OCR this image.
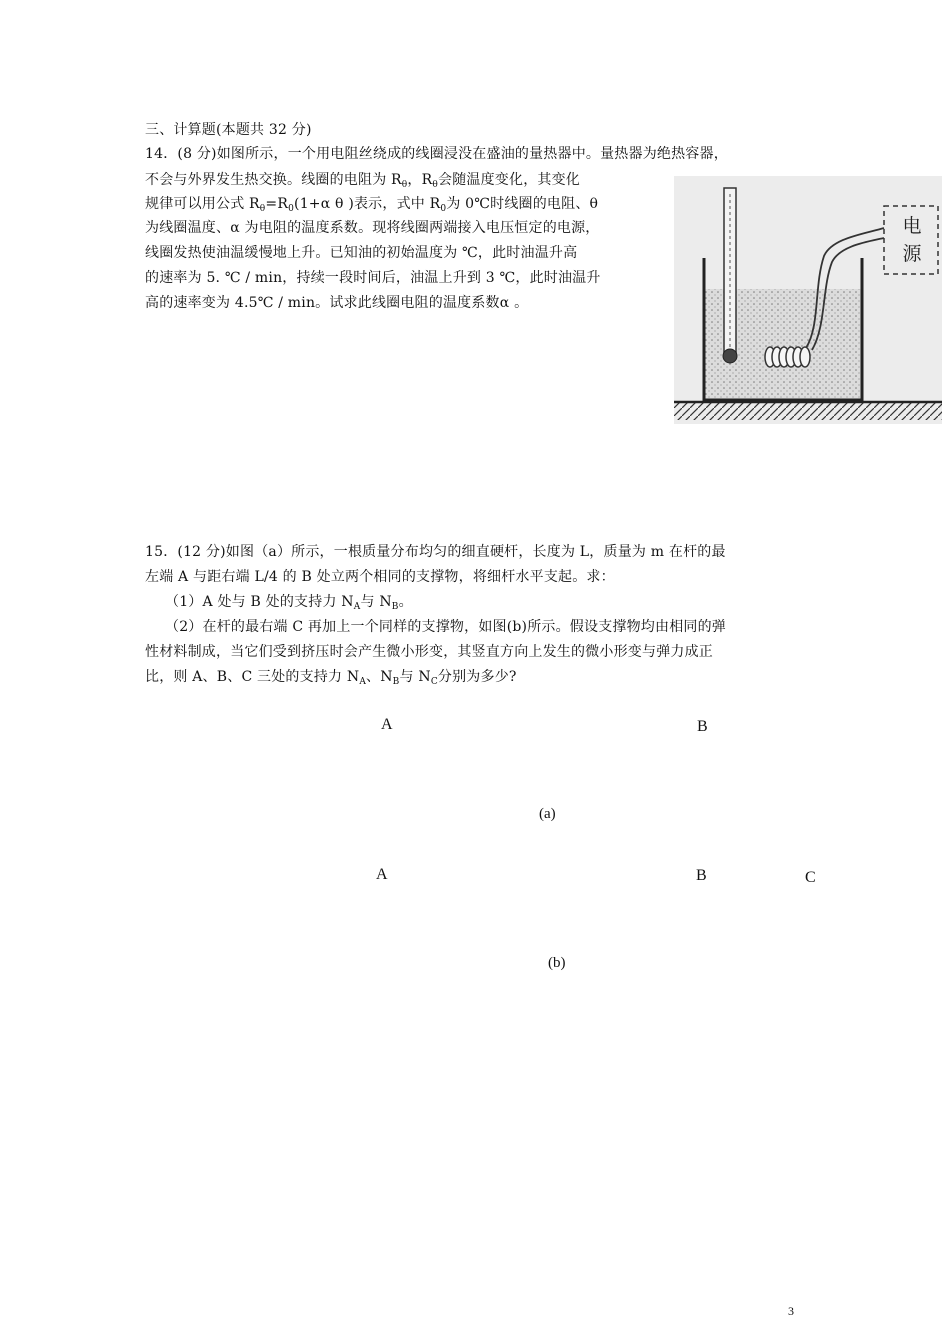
三、计算题(本题共 32 分)
14．(8 分)如图所示，一个用电阻丝绕成的线圈浸没在盛油的量热器中。量热器为绝热容器，
不会与外界发生热交换。线圈的电阻为 $R_\theta$，$R_\theta$会随温度变化，其变化
规律可以用公式 $R_\theta=R_0(1+\alpha$ θ )表示，式中 $R_0$为 0℃时线圈的电阻、θ
为线圈温度、α 为电阻的温度系数。现将线圈两端接入电压恒定的电源，
线圈发热使油温缓慢地上升。已知油的初始温度为 ℃，此时油温升高
的速率为 5. ℃ / min，持续一段时间后，油温上升到 3 ℃，此时油温升
高的速率变为 4.5℃ / min。试求此线圈电阻的温度系数α 。
电源
15．(12 分)如图（a）所示，一根质量分布均匀的细直硬杆，长度为 L，质量为 m 在杆的最
左端 A 与距右端 L/4 的 B 处立两个相同的支撑物，将细杆水平支起。求：
（1）A 处与 B 处的支持力 $N_A$与 $N_B$。
（2）在杆的最右端 C 再加上一个同样的支撑物，如图(b)所示。假设支撑物均由相同的弹
性材料制成，当它们受到挤压时会产生微小形变，其竖直方向上发生的微小形变与弹力成正
比，则 A、B、C 三处的支持力 $N_A$、$N_B$与 $N_C$分别为多少?
A	B
(a)
A	B	C
(b)
3
